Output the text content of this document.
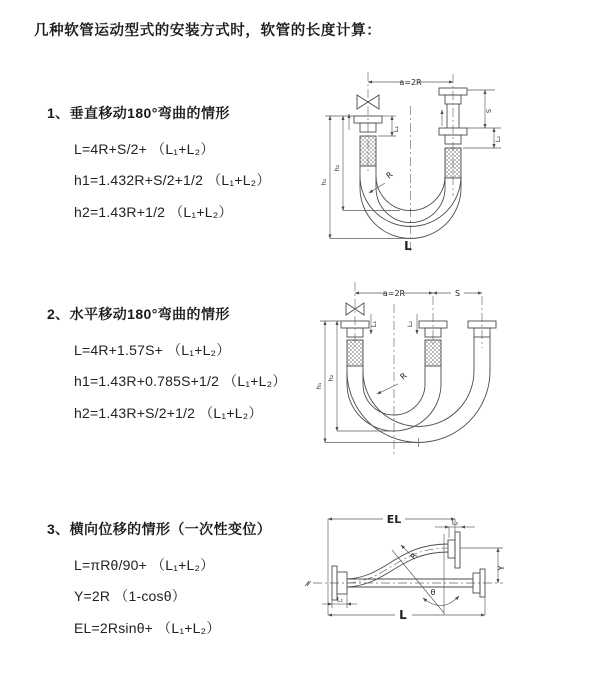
几种软管运动型式的安装方式时，软管的长度计算：
1、垂直移动180°弯曲的情形
L=4R+S/2+ （L₁+L₂）
h1=1.432R+S/2+1/2 （L₁+L₂）
h2=1.43R+1/2 （L₁+L₂）
2、水平移动180°弯曲的情形
L=4R+1.57S+ （L₁+L₂）
h1=1.43R+0.785S+1/2 （L₁+L₂）
h2=1.43R+S/2+1/2 （L₁+L₂）
3、横向位移的情形（一次性变位）
L=πRθ/90+ （L₁+L₂）
Y=2R （1-cosθ）
EL=2Rsinθ+ （L₁+L₂）
a=2R
L₁
S
L₂
R
h₁
h₂
L
a=2R	S
L₁	L₂
R
h₁
h₂
EL	L₂
L₁
θ
R
Y
L
